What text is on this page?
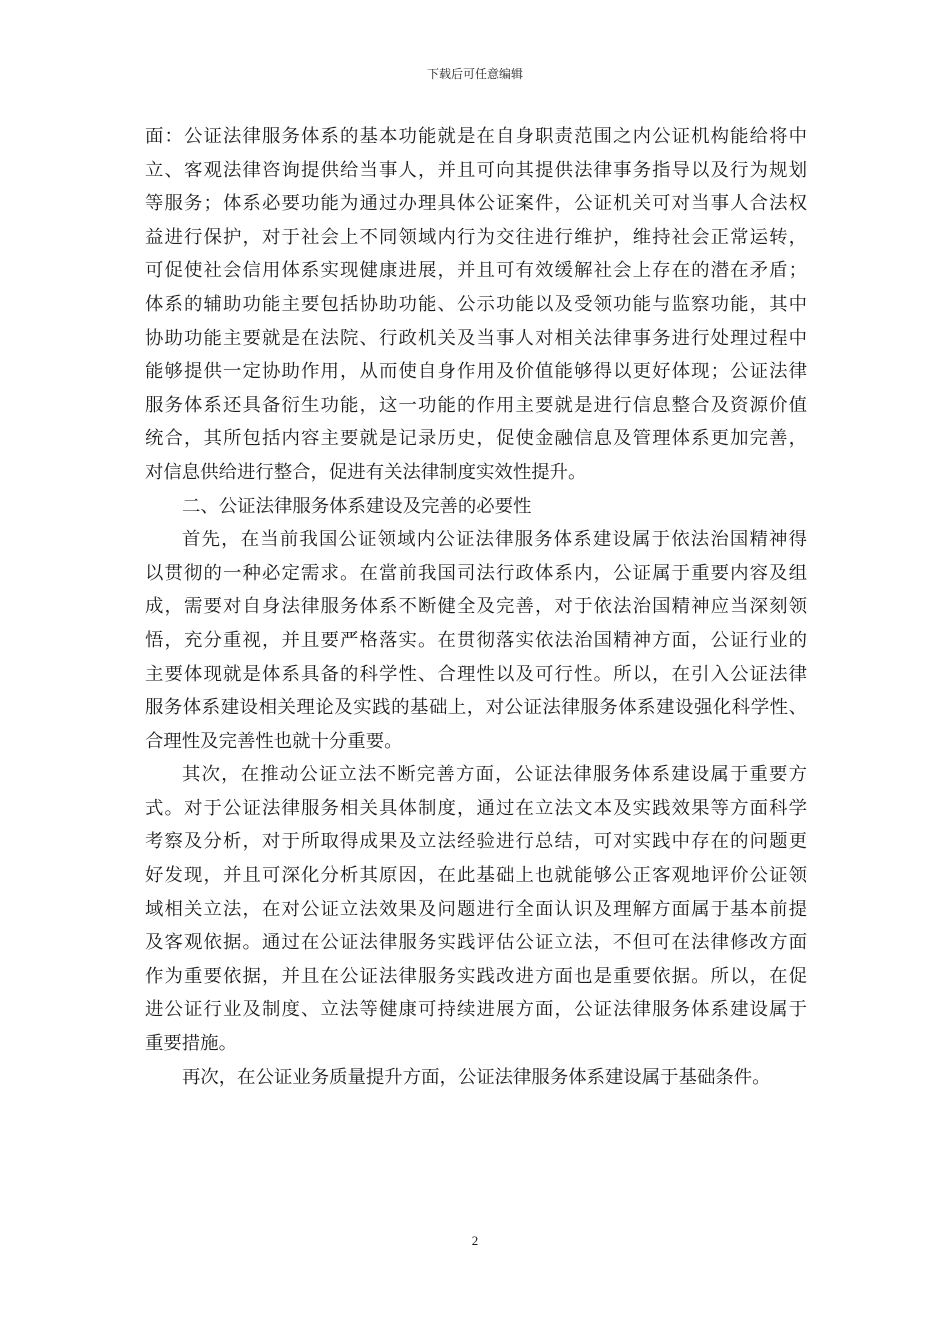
下载后可任意编辑
面：公证法律服务体系的基本功能就是在自身职责范围之内公证机构能给将中
立、客观法律咨询提供给当事人，并且可向其提供法律事务指导以及行为规划
等服务；体系必要功能为通过办理具体公证案件，公证机关可对当事人合法权
益进行保护，对于社会上不同领域内行为交往进行维护，维持社会正常运转，
可促使社会信用体系实现健康进展，并且可有效缓解社会上存在的潜在矛盾；
体系的辅助功能主要包括协助功能、公示功能以及受领功能与监察功能，其中
协助功能主要就是在法院、行政机关及当事人对相关法律事务进行处理过程中
能够提供一定协助作用，从而使自身作用及价值能够得以更好体现；公证法律
服务体系还具备衍生功能，这一功能的作用主要就是进行信息整合及资源价值
统合，其所包括内容主要就是记录历史，促使金融信息及管理体系更加完善，
对信息供给进行整合，促进有关法律制度实效性提升。
二、公证法律服务体系建设及完善的必要性
首先，在当前我国公证领域内公证法律服务体系建设属于依法治国精神得
以贯彻的一种必定需求。在當前我国司法行政体系内，公证属于重要内容及组
成，需要对自身法律服务体系不断健全及完善，对于依法治国精神应当深刻领
悟，充分重视，并且要严格落实。在贯彻落实依法治国精神方面，公证行业的
主要体现就是体系具备的科学性、合理性以及可行性。所以，在引入公证法律
服务体系建设相关理论及实践的基础上，对公证法律服务体系建设强化科学性、
合理性及完善性也就十分重要。
其次，在推动公证立法不断完善方面，公证法律服务体系建设属于重要方
式。对于公证法律服务相关具体制度，通过在立法文本及实践效果等方面科学
考察及分析，对于所取得成果及立法经验进行总结，可对实践中存在的问题更
好发现，并且可深化分析其原因，在此基础上也就能够公正客观地评价公证领
域相关立法，在对公证立法效果及问题进行全面认识及理解方面属于基本前提
及客观依据。通过在公证法律服务实践评估公证立法，不但可在法律修改方面
作为重要依据，并且在公证法律服务实践改进方面也是重要依据。所以，在促
进公证行业及制度、立法等健康可持续进展方面，公证法律服务体系建设属于
重要措施。
再次，在公证业务质量提升方面，公证法律服务体系建设属于基础条件。
2
